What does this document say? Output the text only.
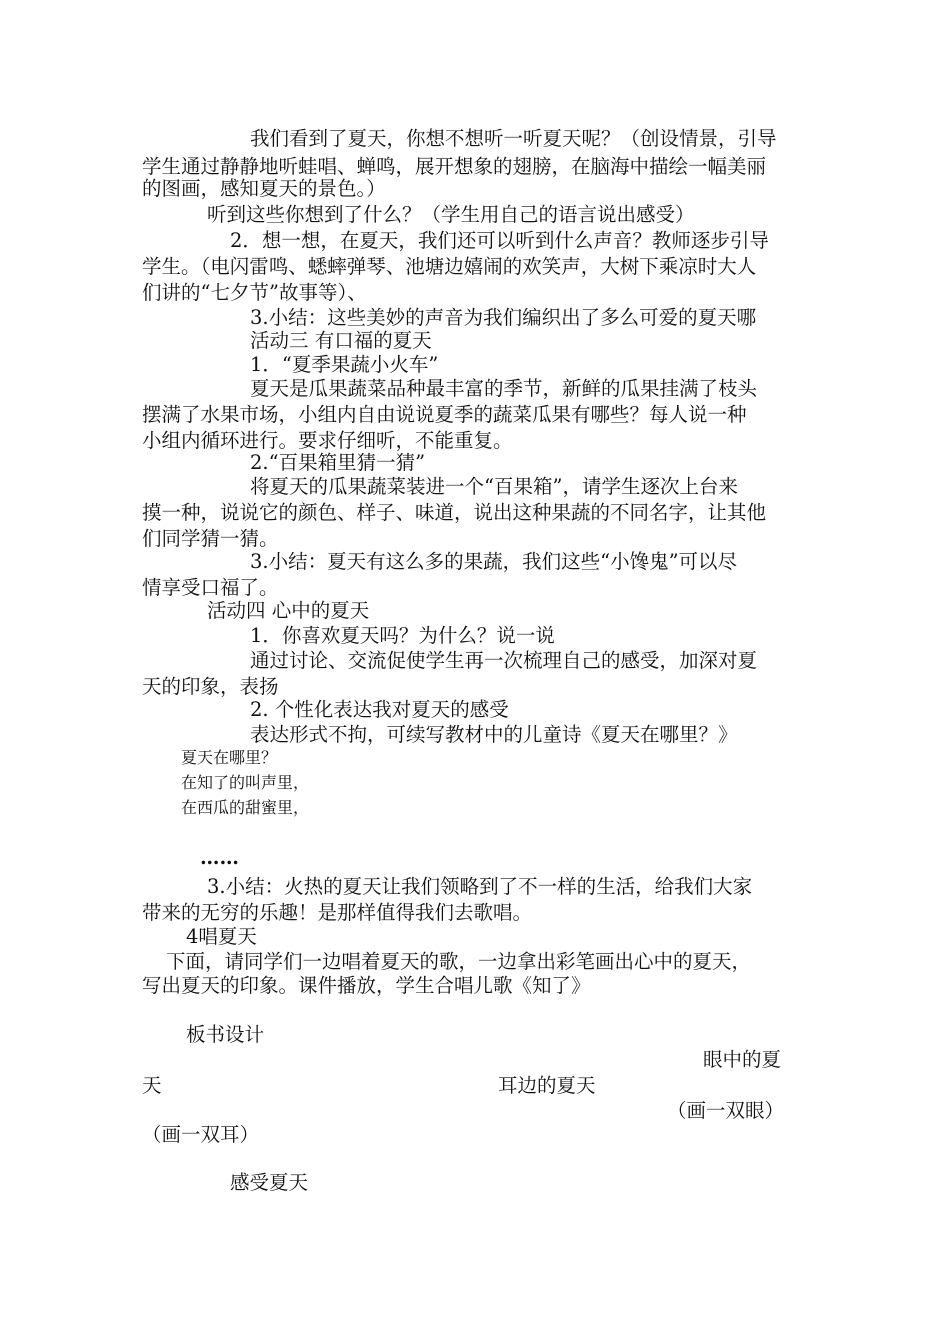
我们看到了夏天，你想不想听一听夏天呢？（创设情景，引导
学生通过静静地听蛙唱、蝉鸣，展开想象的翅膀，在脑海中描绘一幅美丽
的图画，感知夏天的景色。）
听到这些你想到了什么？（学生用自己的语言说出感受）
2．想一想，在夏天，我们还可以听到什么声音？教师逐步引导
学生。（电闪雷鸣、蟋蟀弹琴、池塘边嬉闹的欢笑声，大树下乘凉时大人
们讲的“七夕节”故事等）、
3.小结：这些美妙的声音为我们编织出了多么可爱的夏天哪
活动三 有口福的夏天
1．“夏季果蔬小火车”
夏天是瓜果蔬菜品种最丰富的季节，新鲜的瓜果挂满了枝头
摆满了水果市场，小组内自由说说夏季的蔬菜瓜果有哪些？每人说一种
小组内循环进行。要求仔细听，不能重复。
2.“百果箱里猜一猜”
将夏天的瓜果蔬菜装进一个“百果箱”，请学生逐次上台来
摸一种，说说它的颜色、样子、味道，说出这种果蔬的不同名字，让其他
们同学猜一猜。
3.小结：夏天有这么多的果蔬，我们这些“小馋鬼”可以尽
情享受口福了。
活动四 心中的夏天
1．你喜欢夏天吗？为什么？说一说
通过讨论、交流促使学生再一次梳理自己的感受，加深对夏
天的印象，表扬
2. 个性化表达我对夏天的感受
表达形式不拘，可续写教材中的儿童诗《夏天在哪里？》
夏天在哪里？
在知了的叫声里，
在西瓜的甜蜜里，
……
3.小结：火热的夏天让我们领略到了不一样的生活，给我们大家
带来的无穷的乐趣！是那样值得我们去歌唱。
4唱夏天
下面，请同学们一边唱着夏天的歌，一边拿出彩笔画出心中的夏天，
写出夏天的印象。课件播放，学生合唱儿歌《知了》
板书设计
眼中的夏
天	耳边的夏天
（画一双眼）
（画一双耳）
感受夏天
